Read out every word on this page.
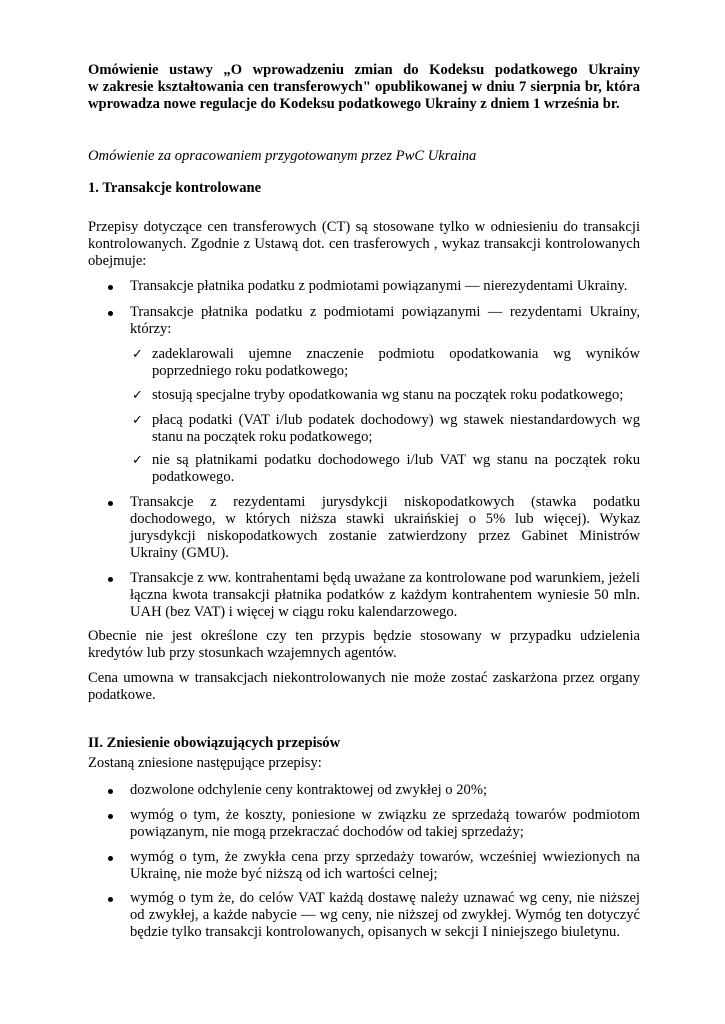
Omówienie ustawy „O wprowadzeniu zmian do Kodeksu podatkowego Ukrainy
w zakresie kształtowania cen transferowych" opublikowanej w dniu 7 sierpnia br, która
wprowadza nowe regulacje do Kodeksu podatkowego Ukrainy z dniem 1 września br.

Omówienie za opracowaniem przygotowanym przez PwC Ukraina

1. Transakcje kontrolowane

Przepisy dotyczące cen transferowych (CT) są stosowane tylko w odniesieniu do transakcji kontrolowanych. Zgodnie z Ustawą dot. cen trasferowych , wykaz transakcji kontrolowanych obejmuje:

Transakcje płatnika podatku z podmiotami powiązanymi — nierezydentami Ukrainy.
Transakcje płatnika podatku z podmiotami powiązanymi — rezydentami Ukrainy, którzy:
✓ zadeklarowali ujemne znaczenie podmiotu opodatkowania wg wyników poprzedniego roku podatkowego;
✓ stosują specjalne tryby opodatkowania wg stanu na początek roku podatkowego;
✓ płacą podatki (VAT i/lub podatek dochodowy) wg stawek niestandardowych wg stanu na początek roku podatkowego;
✓ nie są płatnikami podatku dochodowego i/lub VAT wg stanu na początek roku podatkowego.
Transakcje z rezydentami jurysdykcji niskopodatkowych (stawka podatku dochodowego, w których niższa stawki ukraińskiej o 5% lub więcej). Wykaz jurysdykcji niskopodatkowych zostanie zatwierdzony przez Gabinet Ministrów Ukrainy (GMU).
Transakcje z ww. kontrahentami będą uważane za kontrolowane pod warunkiem, jeżeli łączna kwota transakcji płatnika podatków z każdym kontrahentem wyniesie 50 mln. UAH (bez VAT) i więcej w ciągu roku kalendarzowego.

Obecnie nie jest określone czy ten przypis będzie stosowany w przypadku udzielenia kredytów lub przy stosunkach wzajemnych agentów.

Cena umowna w transakcjach niekontrolowanych nie może zostać zaskarżona przez organy podatkowe.

II. Zniesienie obowiązujących przepisów

Zostaną zniesione następujące przepisy:

dozwolone odchylenie ceny kontraktowej od zwykłej o 20%;
wymóg o tym, że koszty, poniesione w związku ze sprzedażą towarów podmiotom powiązanym, nie mogą przekraczać dochodów od takiej sprzedaży;
wymóg o tym, że zwykła cena przy sprzedaży towarów, wcześniej wwiezionych na Ukrainę, nie może być niższą od ich wartości celnej;
wymóg o tym że, do celów VAT każdą dostawę należy uznawać wg ceny, nie niższej od zwykłej, a każde nabycie — wg ceny, nie niższej od zwykłej. Wymóg ten dotyczyć będzie tylko transakcji kontrolowanych, opisanych w sekcji I niniejszego biuletynu.
